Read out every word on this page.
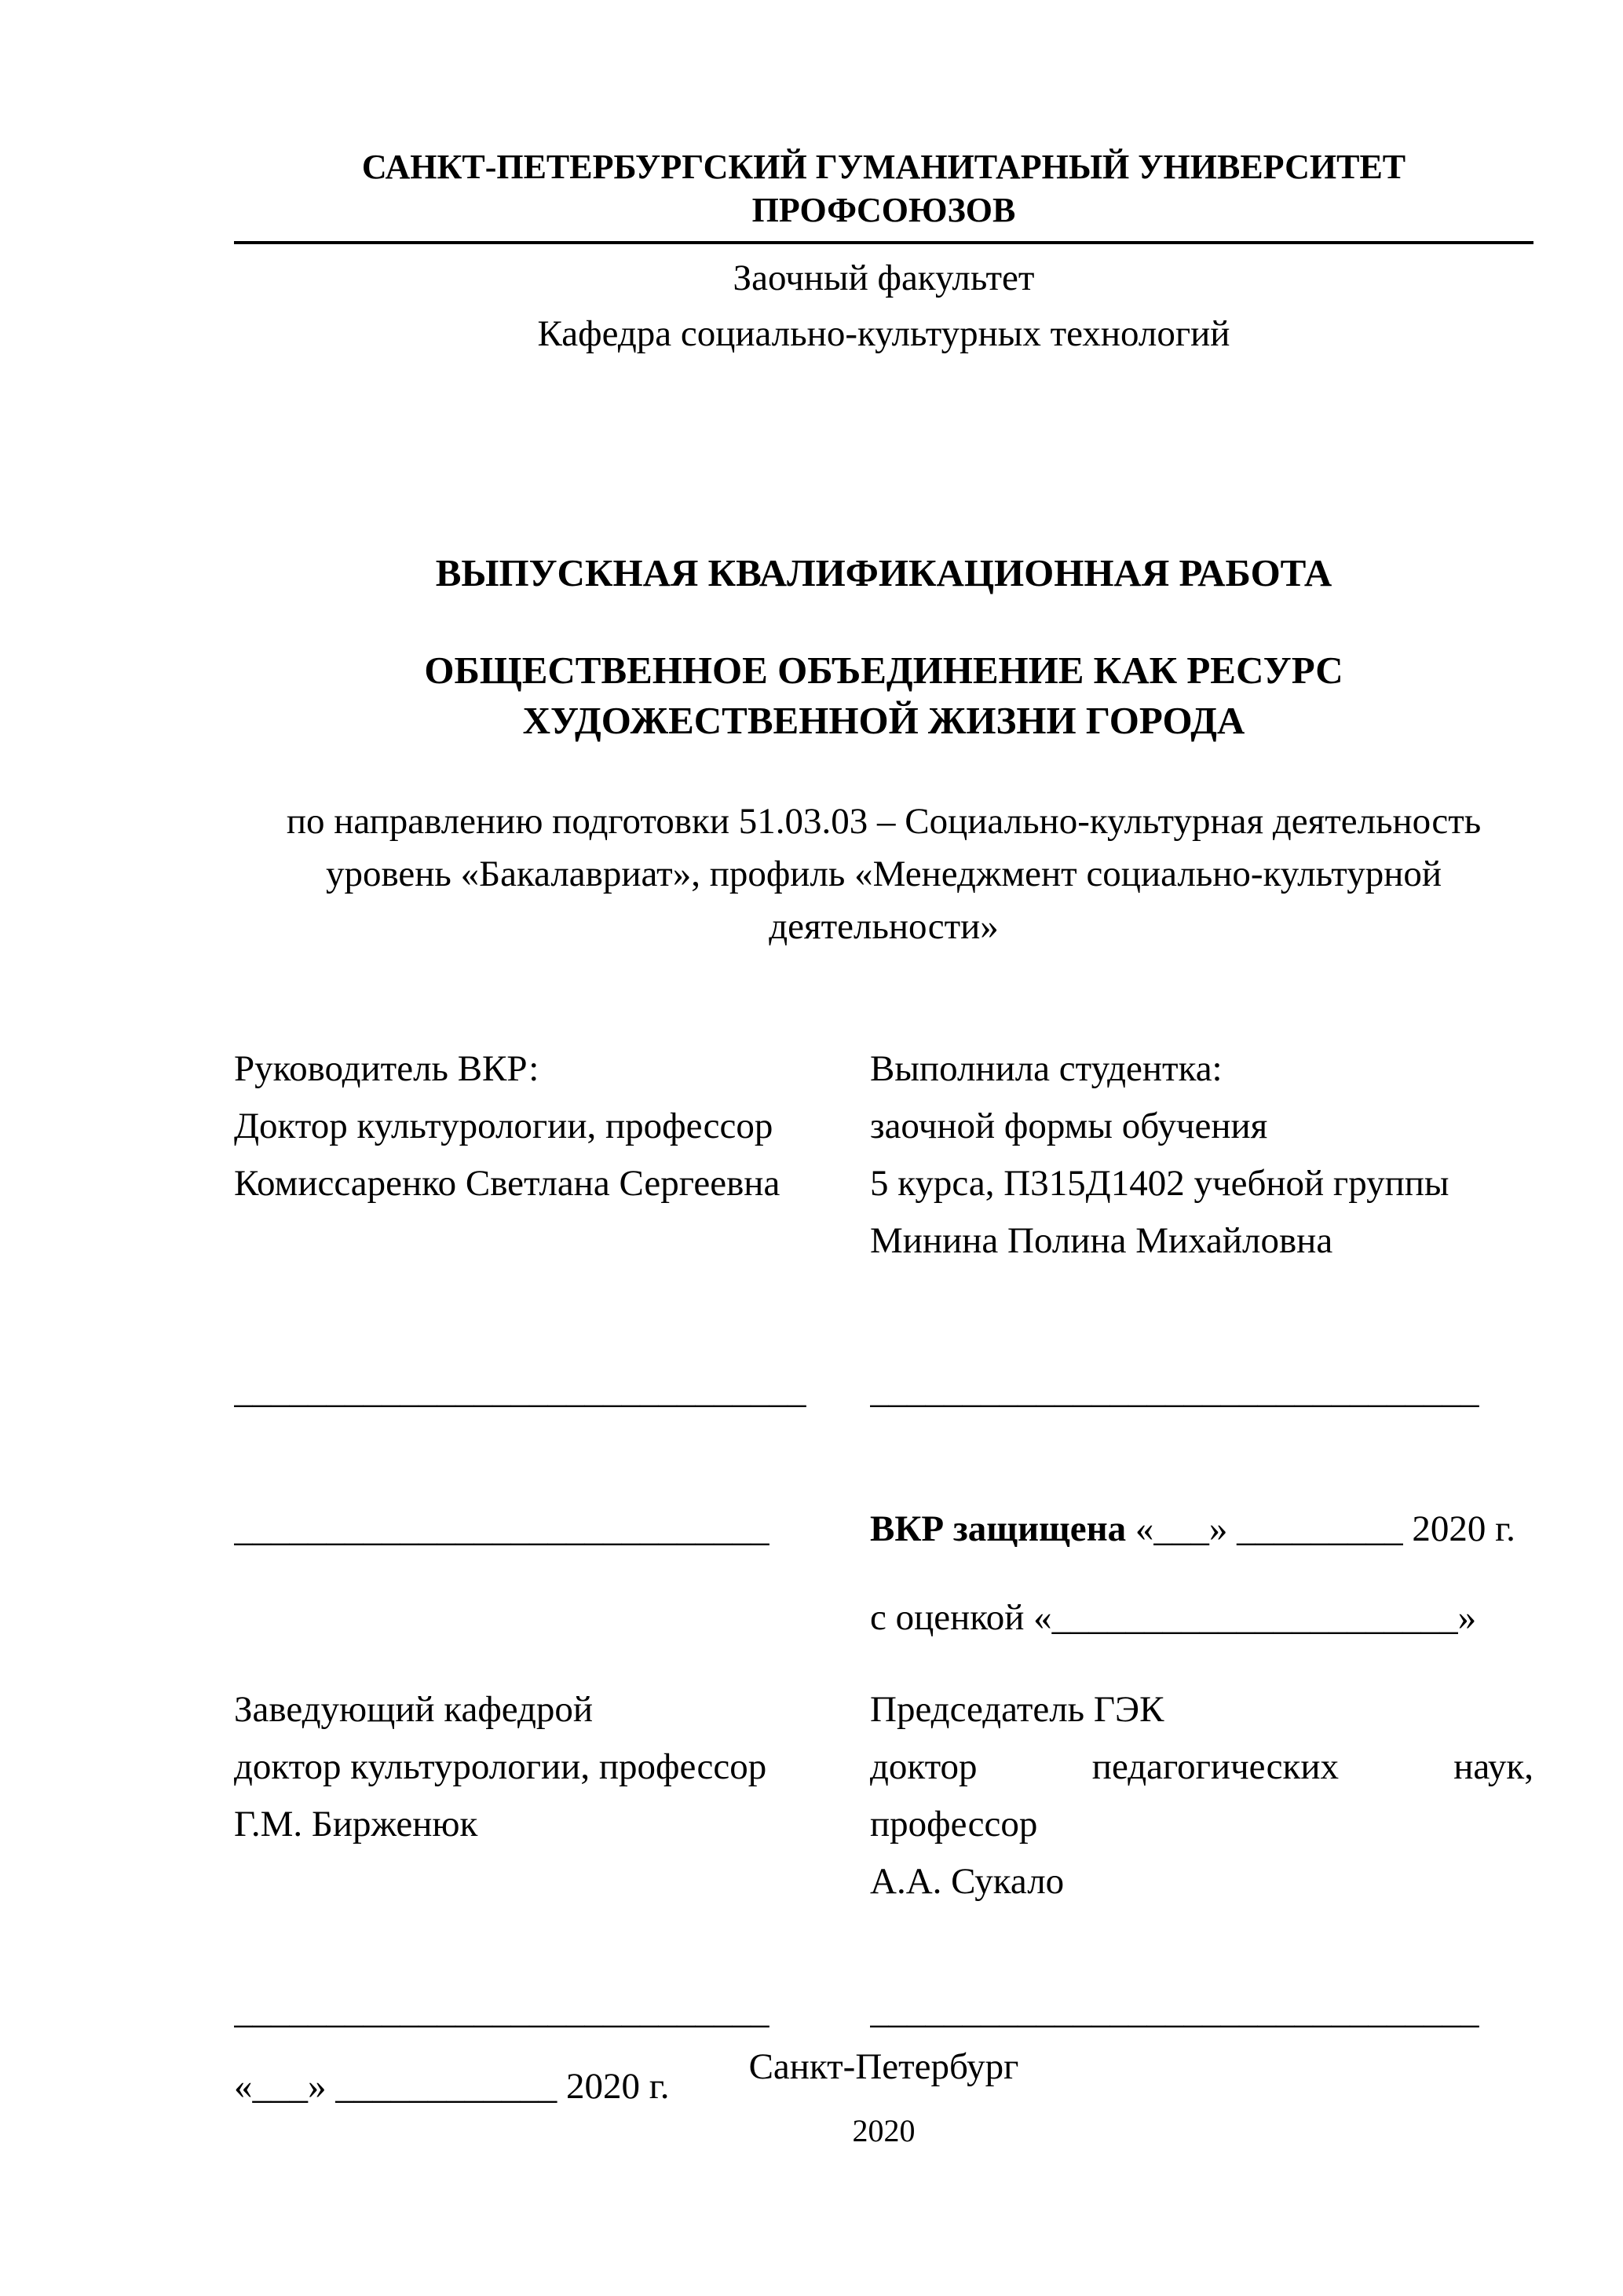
САНКТ-ПЕТЕРБУРГСКИЙ ГУМАНИТАРНЫЙ УНИВЕРСИТЕТ ПРОФСОЮЗОВ
Заочный факультет
Кафедра социально-культурных технологий
ВЫПУСКНАЯ КВАЛИФИКАЦИОННАЯ РАБОТА
ОБЩЕСТВЕННОЕ ОБЪЕДИНЕНИЕ КАК РЕСУРС
ХУДОЖЕСТВЕННОЙ ЖИЗНИ ГОРОДА
по направлению подготовки 51.03.03 – Социально-культурная деятельность уровень «Бакалавриат», профиль «Менеджмент социально-культурной деятельности»
Руководитель ВКР:
Доктор культурологии, профессор
Комиссаренко Светлана Сергеевна
Выполнила студентка:
заочной формы обучения
5 курса, П315Д1402 учебной группы
Минина Полина Михайловна
_______________________________ _________________________________
_____________________________	ВКР защищена «___» _________ 2020 г.
с оценкой «______________________»
Заведующий кафедрой
доктор культурологии, профессор
Г.М. Бирженюк
Председатель ГЭК
доктор педагогических наук,
профессор
А.А. Сукало
_____________________________	_________________________________
«___» ____________ 2020 г.	Санкт-Петербург
2020
